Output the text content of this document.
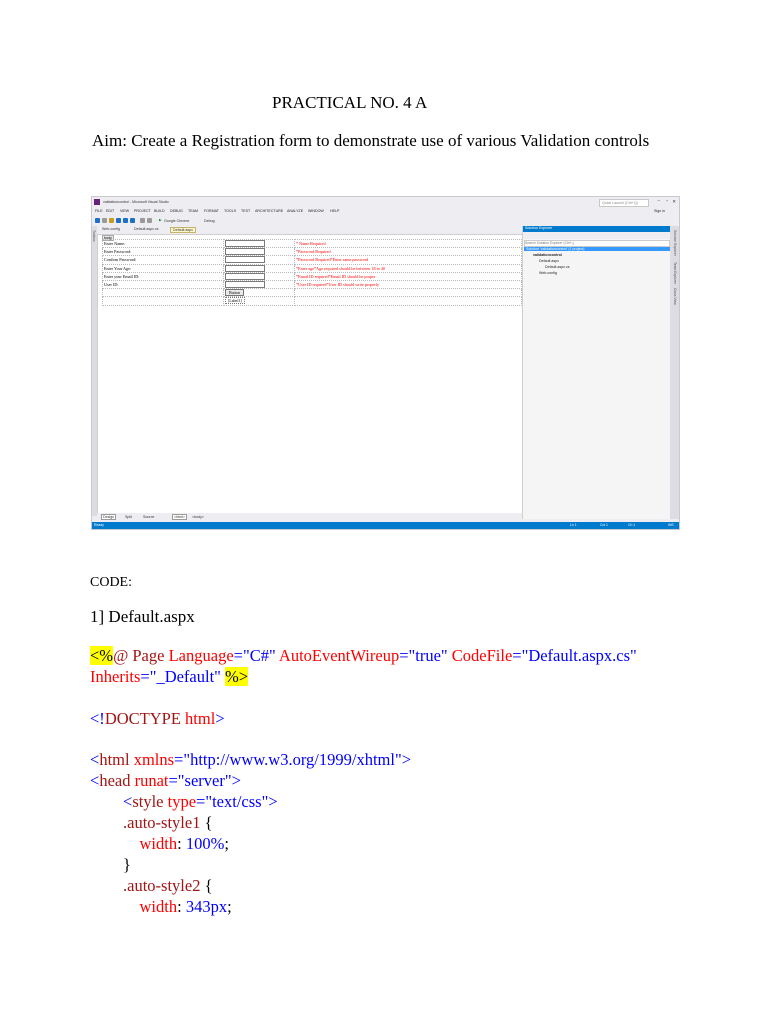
PRACTICAL NO. 4 A
Aim: Create a Registration form to demonstrate use of various Validation controls
validationcontrol - Microsoft Visual Studio	Quick Launch (Ctrl+Q)	✕
▫
–
FILE EDIT VIEW PROJECT BUILD DEBUG TEAM FORMAT TOOLS TEST ARCHITECTURE ANALYZE WINDOW HELP	Sign in
▶ Google Chrome	Debug
Web.config	Default.aspx.cs	Default.aspx
Toolbox	body
Enter Name:		* Name Required
Enter Password:		*Password Required
Confirm Password:		*Password Required*Enter same password
Enter Your Age:		*Enter age*Age required should be between 18 to 40
Enter your Email ID:		*Email ID required*Email ID should be proper
User ID:		*User ID required*User ID should write properly
	Button	
	[Label1]	
Design	Split	Source	<html>	<body>
Solution Explorer
Search Solution Explorer (Ctrl+;)
Solution 'validationcontrol' (1 project)
validationcontrol
Default.aspx
Default.aspx.cs
Web.config
Solution Explorer
Team Explorer
Class View
Ready	Ln 1	Col 1	Ch 1	INS
CODE:
1] Default.aspx
<%@ Page Language="C#" AutoEventWireup="true" CodeFile="Default.aspx.cs"
Inherits="_Default" %>
<!DOCTYPE html>
<html xmlns="http://www.w3.org/1999/xhtml">
<head runat="server">
<style type="text/css">
.auto-style1 {
width: 100%;
}
.auto-style2 {
width: 343px;
